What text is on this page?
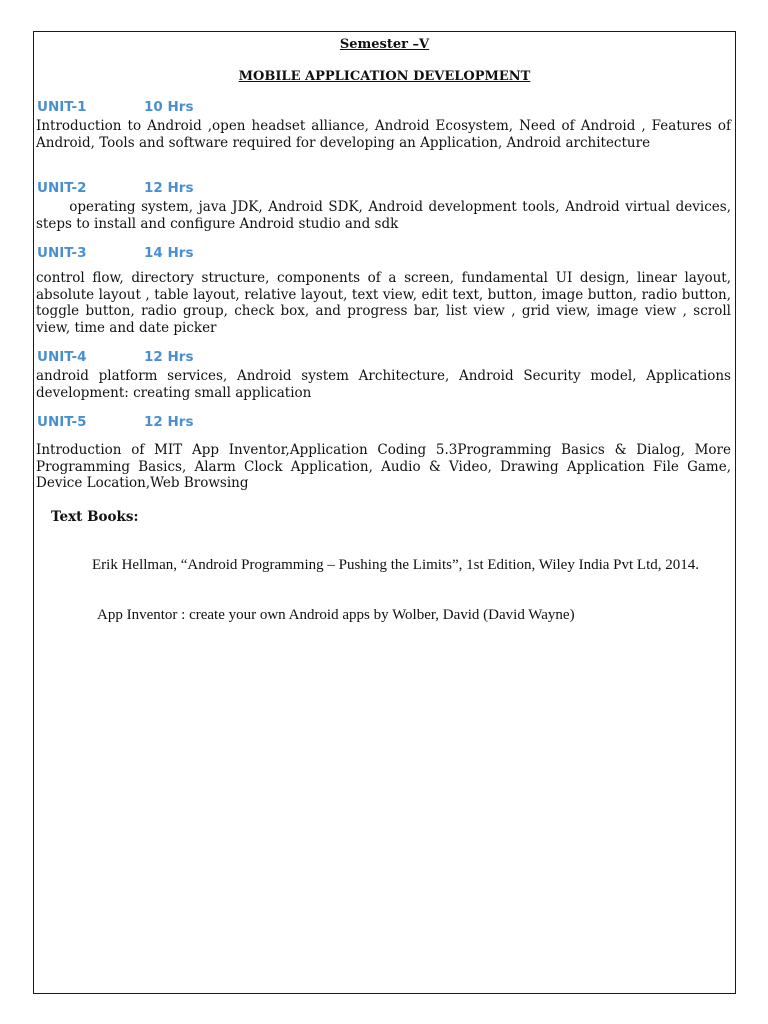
Semester –V
MOBILE APPLICATION DEVELOPMENT
UNIT-1	10 Hrs
Introduction to Android ,open headset alliance, Android Ecosystem, Need of Android , Features of Android, Tools and software required for developing an Application, Android architecture
UNIT-2	12 Hrs
operating system, java JDK, Android SDK, Android development tools, Android virtual devices, steps to install and configure Android studio and sdk
UNIT-3	14 Hrs
control flow, directory structure, components of a screen, fundamental UI design, linear layout, absolute layout , table layout, relative layout, text view, edit text, button, image button, radio button, toggle button, radio group, check box, and progress bar, list view , grid view, image view , scroll view, time and date picker
UNIT-4	12 Hrs
android platform services, Android system Architecture, Android Security model, Applications development: creating small application
UNIT-5	12 Hrs
Introduction of MIT App Inventor,Application Coding 5.3Programming Basics & Dialog, More Programming Basics, Alarm Clock Application, Audio & Video, Drawing Application File Game, Device Location,Web Browsing
Text Books:
Erik Hellman, “Android Programming – Pushing the Limits”, 1st Edition, Wiley India Pvt Ltd, 2014.
App Inventor : create your own Android apps by Wolber, David (David Wayne)
